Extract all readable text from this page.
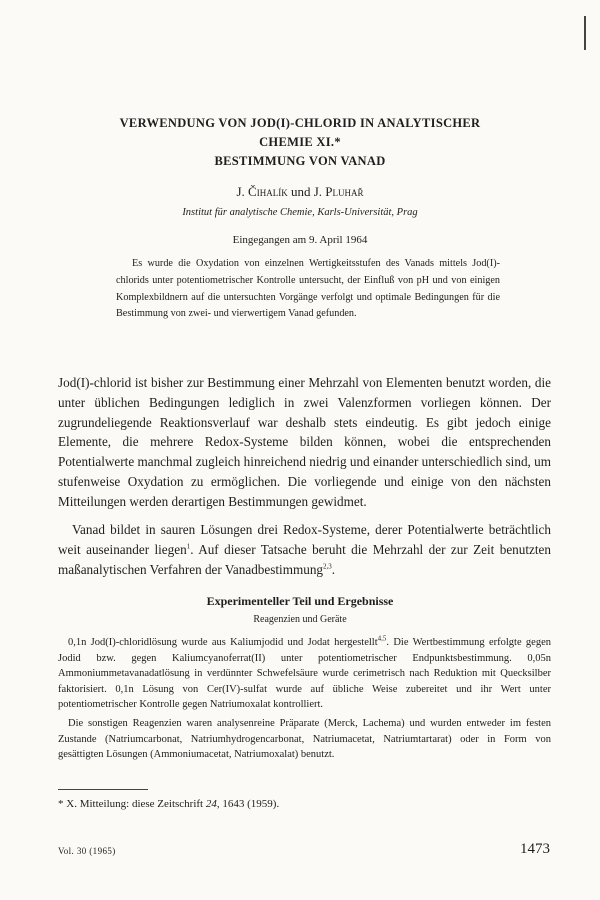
VERWENDUNG VON JOD(I)-CHLORID IN ANALYTISCHER
CHEMIE XI.*
BESTIMMUNG VON VANAD
J. Čihalík und J. Pluhař
Institut für analytische Chemie, Karls-Universität, Prag
Eingegangen am 9. April 1964

Es wurde die Oxydation von einzelnen Wertigkeitsstufen des Vanads mittels Jod(I)-chlorids unter potentiometrischer Kontrolle untersucht, der Einfluß von pH und von einigen Komplexbildnern auf die untersuchten Vorgänge verfolgt und optimale Bedingungen für die Bestimmung von zwei- und vierwertigem Vanad gefunden.

Jod(I)-chlorid ist bisher zur Bestimmung einer Mehrzahl von Elementen benutzt worden, die unter üblichen Bedingungen lediglich in zwei Valenzformen vorliegen können. Der zugrundeliegende Reaktionsverlauf war deshalb stets eindeutig. Es gibt jedoch einige Elemente, die mehrere Redox-Systeme bilden können, wobei die entsprechenden Potentialwerte manchmal zugleich hinreichend niedrig und einander unterschiedlich sind, um stufenweise Oxydation zu ermöglichen. Die vorliegende und einige von den nächsten Mitteilungen werden derartigen Bestimmungen gewidmet.

Vanad bildet in sauren Lösungen drei Redox-Systeme, derer Potentialwerte beträchtlich weit auseinander liegen$^1$. Auf dieser Tatsache beruht die Mehrzahl der zur Zeit benutzten maßanalytischen Verfahren der Vanadbestimmung$^{2,3}$.

Experimenteller Teil und Ergebnisse
Reagenzien und Geräte

0,1n Jod(I)-chloridlösung wurde aus Kaliumjodid und Jodat hergestellt$^{4,5}$. Die Wertbestimmung erfolgte gegen Jodid bzw. gegen Kaliumcyanoferrat(II) unter potentiometrischer Endpunktsbestimmung. 0,05n Ammoniummetavanadatlösung in verdünnter Schwefelsäure wurde cerimetrisch nach Reduktion mit Quecksilber faktorisiert. 0,1n Lösung von Cer(IV)-sulfat wurde auf übliche Weise zubereitet und ihr Wert unter potentiometrischer Kontrolle gegen Natriumoxalat kontrolliert.

Die sonstigen Reagenzien waren analysenreine Präparate (Merck, Lachema) und wurden entweder im festen Zustande (Natriumcarbonat, Natriumhydrogencarbonat, Natriumacetat, Natriumtartarat) oder in Form von gesättigten Lösungen (Ammoniumacetat, Natriumoxalat) benutzt.

* X. Mitteilung: diese Zeitschrift 24, 1643 (1959).
Vol. 30 (1965)	1473
